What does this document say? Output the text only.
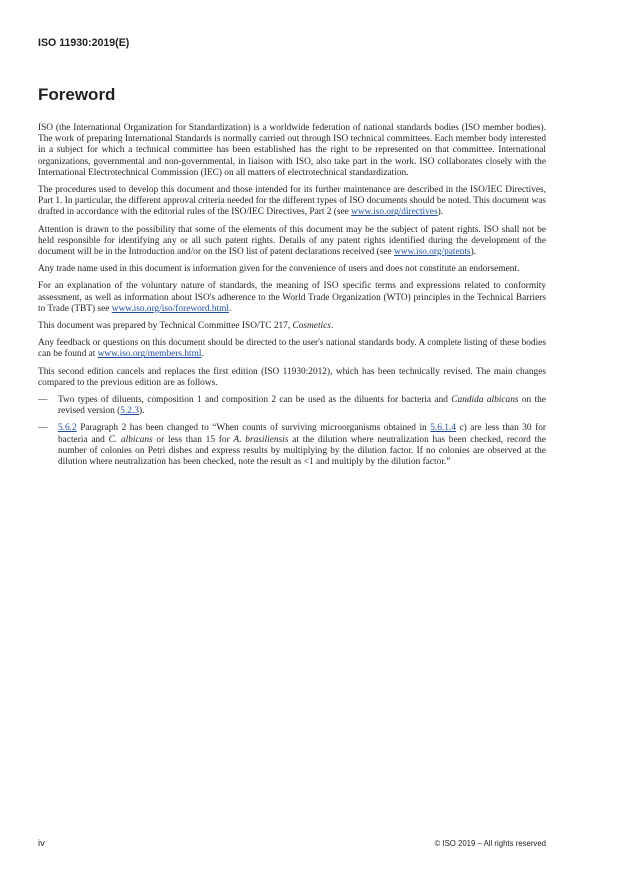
ISO 11930:2019(E)
Foreword

ISO (the International Organization for Standardization) is a worldwide federation of national standards bodies (ISO member bodies). The work of preparing International Standards is normally carried out through ISO technical committees. Each member body interested in a subject for which a technical committee has been established has the right to be represented on that committee. International organizations, governmental and non-governmental, in liaison with ISO, also take part in the work. ISO collaborates closely with the International Electrotechnical Commission (IEC) on all matters of electrotechnical standardization.

The procedures used to develop this document and those intended for its further maintenance are described in the ISO/IEC Directives, Part 1. In particular, the different approval criteria needed for the different types of ISO documents should be noted. This document was drafted in accordance with the editorial rules of the ISO/IEC Directives, Part 2 (see www.iso.org/directives).

Attention is drawn to the possibility that some of the elements of this document may be the subject of patent rights. ISO shall not be held responsible for identifying any or all such patent rights. Details of any patent rights identified during the development of the document will be in the Introduction and/or on the ISO list of patent declarations received (see www.iso.org/patents).

Any trade name used in this document is information given for the convenience of users and does not constitute an endorsement.

For an explanation of the voluntary nature of standards, the meaning of ISO specific terms and expressions related to conformity assessment, as well as information about ISO's adherence to the World Trade Organization (WTO) principles in the Technical Barriers to Trade (TBT) see www.iso.org/iso/foreword.html.

This document was prepared by Technical Committee ISO/TC 217, Cosmetics.

Any feedback or questions on this document should be directed to the user's national standards body. A complete listing of these bodies can be found at www.iso.org/members.html.

This second edition cancels and replaces the first edition (ISO 11930:2012), which has been technically revised. The main changes compared to the previous edition are as follows.

—	Two types of diluents, composition 1 and composition 2 can be used as the diluents for bacteria and Candida albicans on the revised version (5.2.3).
—	5.6.2 Paragraph 2 has been changed to “When counts of surviving microorganisms obtained in 5.6.1.4 c) are less than 30 for bacteria and C. albicans or less than 15 for A. brasiliensis at the dilution where neutralization has been checked, record the number of colonies on Petri dishes and express results by multiplying by the dilution factor. If no colonies are observed at the dilution where neutralization has been checked, note the result as <1 and multiply by the dilution factor.”
iv	© ISO 2019 – All rights reserved
